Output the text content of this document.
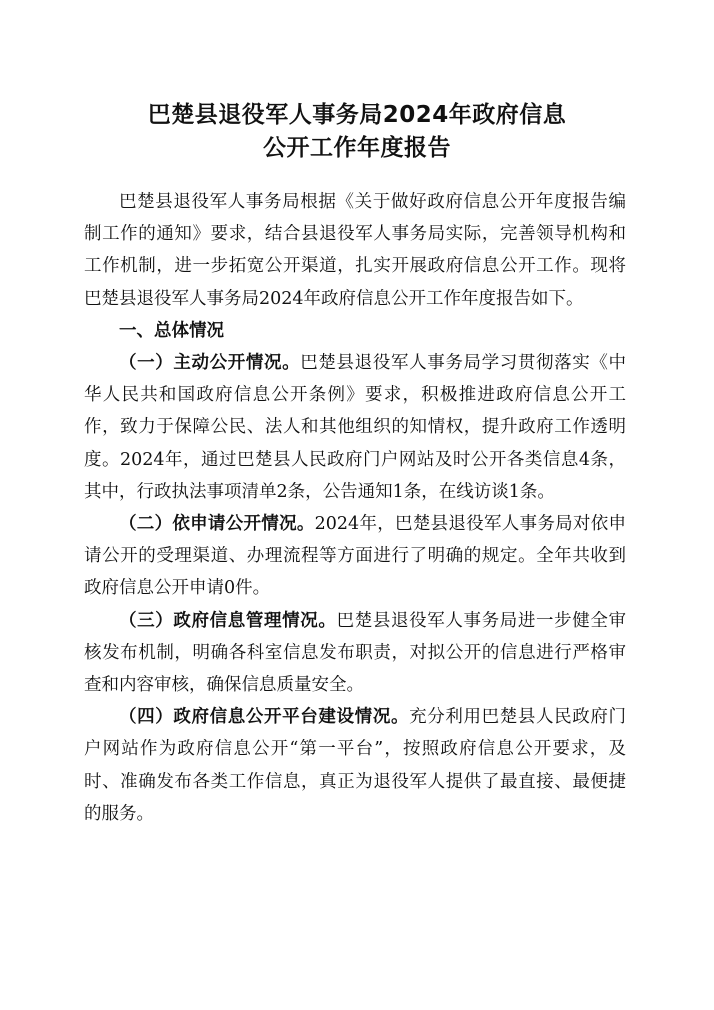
巴楚县退役军人事务局2024年政府信息
公开工作年度报告

巴楚县退役军人事务局根据《关于做好政府信息公开年度报告编制工作的通知》要求，结合县退役军人事务局实际，完善领导机构和工作机制，进一步拓宽公开渠道，扎实开展政府信息公开工作。现将巴楚县退役军人事务局2024年政府信息公开工作年度报告如下。

一、总体情况

（一）主动公开情况。巴楚县退役军人事务局学习贯彻落实《中华人民共和国政府信息公开条例》要求，积极推进政府信息公开工作，致力于保障公民、法人和其他组织的知情权，提升政府工作透明度。2024年，通过巴楚县人民政府门户网站及时公开各类信息4条，其中，行政执法事项清单2条，公告通知1条，在线访谈1条。

（二）依申请公开情况。2024年，巴楚县退役军人事务局对依申请公开的受理渠道、办理流程等方面进行了明确的规定。全年共收到政府信息公开申请0件。

（三）政府信息管理情况。巴楚县退役军人事务局进一步健全审核发布机制，明确各科室信息发布职责，对拟公开的信息进行严格审查和内容审核，确保信息质量安全。

（四）政府信息公开平台建设情况。充分利用巴楚县人民政府门户网站作为政府信息公开“第一平台”，按照政府信息公开要求，及时、准确发布各类工作信息，真正为退役军人提供了最直接、最便捷的服务。
